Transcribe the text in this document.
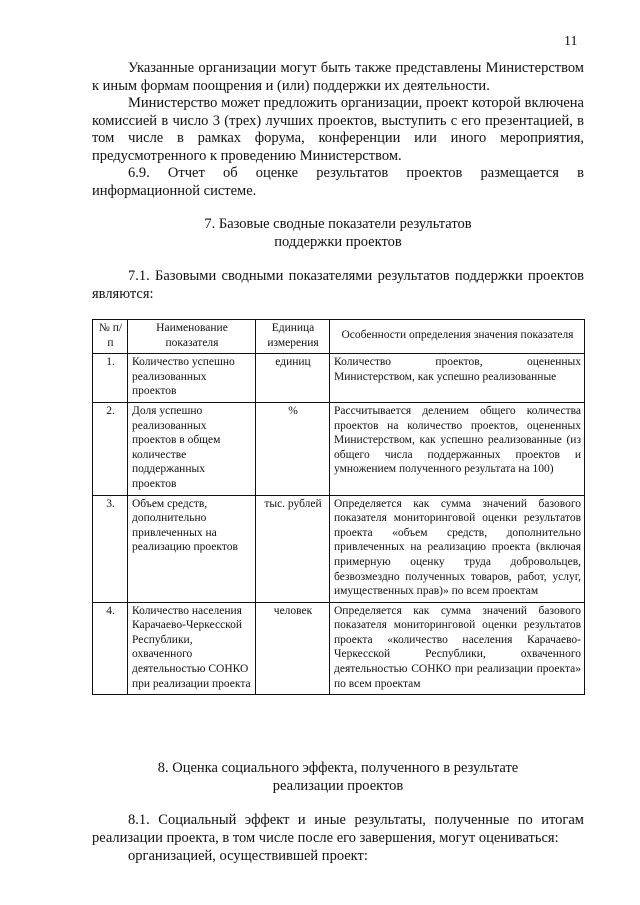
11
Указанные организации могут быть также представлены Министерством к иным формам поощрения и (или) поддержки их деятельности.
Министерство может предложить организации, проект которой включена комиссией в число 3 (трех) лучших проектов, выступить с его презентацией, в том числе в рамках форума, конференции или иного мероприятия, предусмотренного к проведению Министерством.
6.9. Отчет об оценке результатов проектов размещается в информационной системе.
7. Базовые сводные показатели результатов
поддержки проектов
7.1. Базовыми сводными показателями результатов поддержки проектов являются:
№ п/п	Наименование показателя	Единица измерения	Особенности определения значения показателя
1.	Количество успешно реализованных проектов	единиц	Количество проектов, оцененных Министерством, как успешно реализованные
2.	Доля успешно реализованных проектов в общем количестве поддержанных проектов	%	Рассчитывается делением общего количества проектов на количество проектов, оцененных Министерством, как успешно реализованные (из общего числа поддержанных проектов и умножением полученного результата на 100)
3.	Объем средств, дополнительно привлеченных на реализацию проектов	тыс. рублей	Определяется как сумма значений базового показателя мониторинговой оценки результатов проекта «объем средств, дополнительно привлеченных на реализацию проекта (включая примерную оценку труда добровольцев, безвозмездно полученных товаров, работ, услуг, имущественных прав)» по всем проектам
4.	Количество населения Карачаево-Черкесской Республики, охваченного деятельностью СОНКО при реализации проекта	человек	Определяется как сумма значений базового показателя мониторинговой оценки результатов проекта «количество населения Карачаево-Черкесской Республики, охваченного деятельностью СОНКО при реализации проекта» по всем проектам
8. Оценка социального эффекта, полученного в результате
реализации проектов
8.1. Социальный эффект и иные результаты, полученные по итогам реализации проекта, в том числе после его завершения, могут оцениваться:
организацией, осуществившей проект:
